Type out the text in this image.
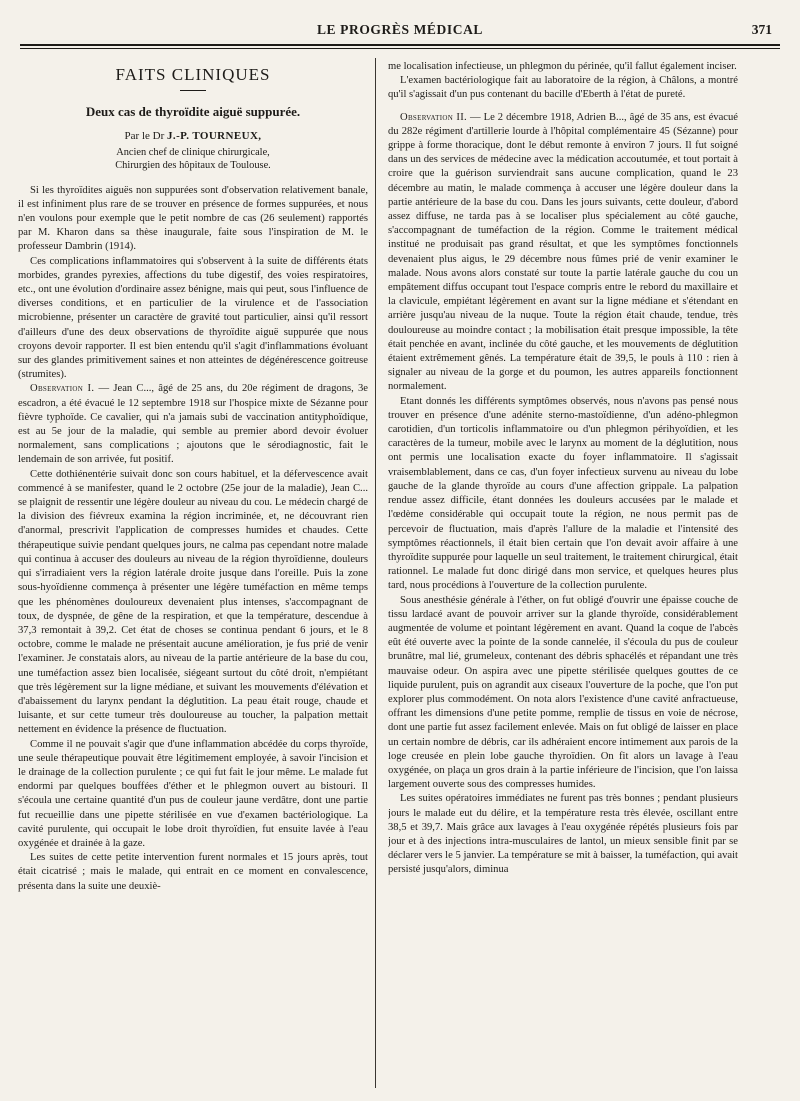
LE PROGRÈS MÉDICAL	371
FAITS CLINIQUES
Deux cas de thyroïdite aiguë suppurée.
Par le Dr J.-P. TOURNEUX,
Ancien chef de clinique chirurgicale,
Chirurgien des hôpitaux de Toulouse.

Si les thyroïdites aiguës non suppurées sont d'observation relativement banale, il est infiniment plus rare de se trouver en présence de formes suppurées, et nous n'en voulons pour exemple que le petit nombre de cas (26 seulement) rapportés par M. Kharon dans sa thèse inaugurale, faite sous l'inspiration de M. le professeur Dambrin (1914).

Ces complications inflammatoires qui s'observent à la suite de différents états morbides, grandes pyrexies, affections du tube digestif, des voies respiratoires, etc., ont une évolution d'ordinaire assez bénigne, mais qui peut, sous l'influence de diverses conditions, et en particulier de la virulence et de l'association microbienne, présenter un caractère de gravité tout particulier, ainsi qu'il ressort d'ailleurs d'une des deux observations de thyroïdite aiguë suppurée que nous croyons devoir rapporter. Il est bien entendu qu'il s'agit d'inflammations évoluant sur des glandes primitivement saines et non atteintes de dégénérescence goitreuse (strumites).

Observation I. — Jean C..., âgé de 25 ans, du 20e régiment de dragons, 3e escadron, a été évacué le 12 septembre 1918 sur l'hospice mixte de Sézanne pour fièvre typhoïde. Ce cavalier, qui n'a jamais subi de vaccination antityphoïdique, est au 5e jour de la maladie, qui semble au premier abord devoir évoluer normalement, sans complications ; ajoutons que le sérodiagnostic, fait le lendemain de son arrivée, fut positif.

Cette dothiénentérie suivait donc son cours habituel, et la défervescence avait commencé à se manifester, quand le 2 octobre (25e jour de la maladie), Jean C... se plaignit de ressentir une légère douleur au niveau du cou. Le médecin chargé de la division des fiévreux examina la région incriminée, et, ne découvrant rien d'anormal, prescrivit l'application de compresses humides et chaudes. Cette thérapeutique suivie pendant quelques jours, ne calma pas cependant notre malade qui continua à accuser des douleurs au niveau de la région thyroïdienne, douleurs qui s'irradiaient vers la région latérale droite jusque dans l'oreille. Puis la zone sous-hyoïdienne commença à présenter une légère tuméfaction en même temps que les phénomènes douloureux devenaient plus intenses, s'accompagnant de toux, de dyspnée, de gêne de la respiration, et que la température, descendue à 37,3 remontait à 39,2. Cet état de choses se continua pendant 6 jours, et le 8 octobre, comme le malade ne présentait aucune amélioration, je fus prié de venir l'examiner. Je constatais alors, au niveau de la partie antérieure de la base du cou, une tuméfaction assez bien localisée, siégeant surtout du côté droit, n'empiétant que très légèrement sur la ligne médiane, et suivant les mouvements d'élévation et d'abaissement du larynx pendant la déglutition. La peau était rouge, chaude et luisante, et sur cette tumeur très douloureuse au toucher, la palpation mettait nettement en évidence la présence de fluctuation.

Comme il ne pouvait s'agir que d'une inflammation abcédée du corps thyroïde, une seule thérapeutique pouvait être légitimement employée, à savoir l'incision et le drainage de la collection purulente ; ce qui fut fait le jour même. Le malade fut endormi par quelques bouffées d'éther et le phlegmon ouvert au bistouri. Il s'écoula une certaine quantité d'un pus de couleur jaune verdâtre, dont une partie fut recueillie dans une pipette stérilisée en vue d'examen bactériologique. La cavité purulente, qui occupait le lobe droit thyroïdien, fut ensuite lavée à l'eau oxygénée et drainée à la gaze.

Les suites de cette petite intervention furent normales et 15 jours après, tout était cicatrisé ; mais le malade, qui entrait en ce moment en convalescence, présenta dans la suite une deuxiè-

me localisation infectieuse, un phlegmon du périnée, qu'il fallut également inciser.

L'examen bactériologique fait au laboratoire de la région, à Châlons, a montré qu'il s'agissait d'un pus contenant du bacille d'Eberth à l'état de pureté.

Observation II. — Le 2 décembre 1918, Adrien B..., âgé de 35 ans, est évacué du 282e régiment d'artillerie lourde à l'hôpital complémentaire 45 (Sézanne) pour grippe à forme thoracique, dont le début remonte à environ 7 jours. Il fut soigné dans un des services de médecine avec la médication accoutumée, et tout portait à croire que la guérison surviendrait sans aucune complication, quand le 23 décembre au matin, le malade commença à accuser une légère douleur dans la partie antérieure de la base du cou. Dans les jours suivants, cette douleur, d'abord assez diffuse, ne tarda pas à se localiser plus spécialement au côté gauche, s'accompagnant de tuméfaction de la région. Comme le traitement médical institué ne produisait pas grand résultat, et que les symptômes fonctionnels devenaient plus aigus, le 29 décembre nous fûmes prié de venir examiner le malade. Nous avons alors constaté sur toute la partie latérale gauche du cou un empâtement diffus occupant tout l'espace compris entre le rebord du maxillaire et la clavicule, empiétant légèrement en avant sur la ligne médiane et s'étendant en arrière jusqu'au niveau de la nuque. Toute la région était chaude, tendue, très douloureuse au moindre contact ; la mobilisation était presque impossible, la tête était penchée en avant, inclinée du côté gauche, et les mouvements de déglutition étaient extrêmement gênés. La température était de 39,5, le pouls à 110 : rien à signaler au niveau de la gorge et du poumon, les autres appareils fonctionnent normalement.

Etant donnés les différents symptômes observés, nous n'avons pas pensé nous trouver en présence d'une adénite sterno-mastoïdienne, d'un adéno-phlegmon carotidien, d'un torticolis inflammatoire ou d'un phlegmon périhyoïdien, et les caractères de la tumeur, mobile avec le larynx au moment de la déglutition, nous ont permis une localisation exacte du foyer inflammatoire. Il s'agissait vraisemblablement, dans ce cas, d'un foyer infectieux survenu au niveau du lobe gauche de la glande thyroïde au cours d'une affection grippale. La palpation rendue assez difficile, étant données les douleurs accusées par le malade et l'œdème considérable qui occupait toute la région, ne nous permit pas de percevoir de fluctuation, mais d'après l'allure de la maladie et l'intensité des symptômes réactionnels, il était bien certain que l'on devait avoir affaire à une thyroïdite suppurée pour laquelle un seul traitement, le traitement chirurgical, était rationnel. Le malade fut donc dirigé dans mon service, et quelques heures plus tard, nous procédions à l'ouverture de la collection purulente.

Sous anesthésie générale à l'éther, on fut obligé d'ouvrir une épaisse couche de tissu lardacé avant de pouvoir arriver sur la glande thyroïde, considérablement augmentée de volume et pointant légèrement en avant. Quand la coque de l'abcès eût été ouverte avec la pointe de la sonde cannelée, il s'écoula du pus de couleur brunâtre, mal lié, grumeleux, contenant des débris sphacélés et répandant une très mauvaise odeur. On aspira avec une pipette stérilisée quelques gouttes de ce liquide purulent, puis on agrandit aux ciseaux l'ouverture de la poche, que l'on put explorer plus commodément. On nota alors l'existence d'une cavité anfractueuse, offrant les dimensions d'une petite pomme, remplie de tissus en voie de nécrose, dont une partie fut assez facilement enlevée. Mais on fut obligé de laisser en place un certain nombre de débris, car ils adhéraient encore intimement aux parois de la loge creusée en plein lobe gauche thyroïdien. On fit alors un lavage à l'eau oxygénée, on plaça un gros drain à la partie inférieure de l'incision, que l'on laissa largement ouverte sous des compresses humides.

Les suites opératoires immédiates ne furent pas très bonnes ; pendant plusieurs jours le malade eut du délire, et la température resta très élevée, oscillant entre 38,5 et 39,7. Mais grâce aux lavages à l'eau oxygénée répétés plusieurs fois par jour et à des injections intra-musculaires de lantol, un mieux sensible finit par se déclarer vers le 5 janvier. La température se mit à baisser, la tuméfaction, qui avait persisté jusqu'alors, diminua
